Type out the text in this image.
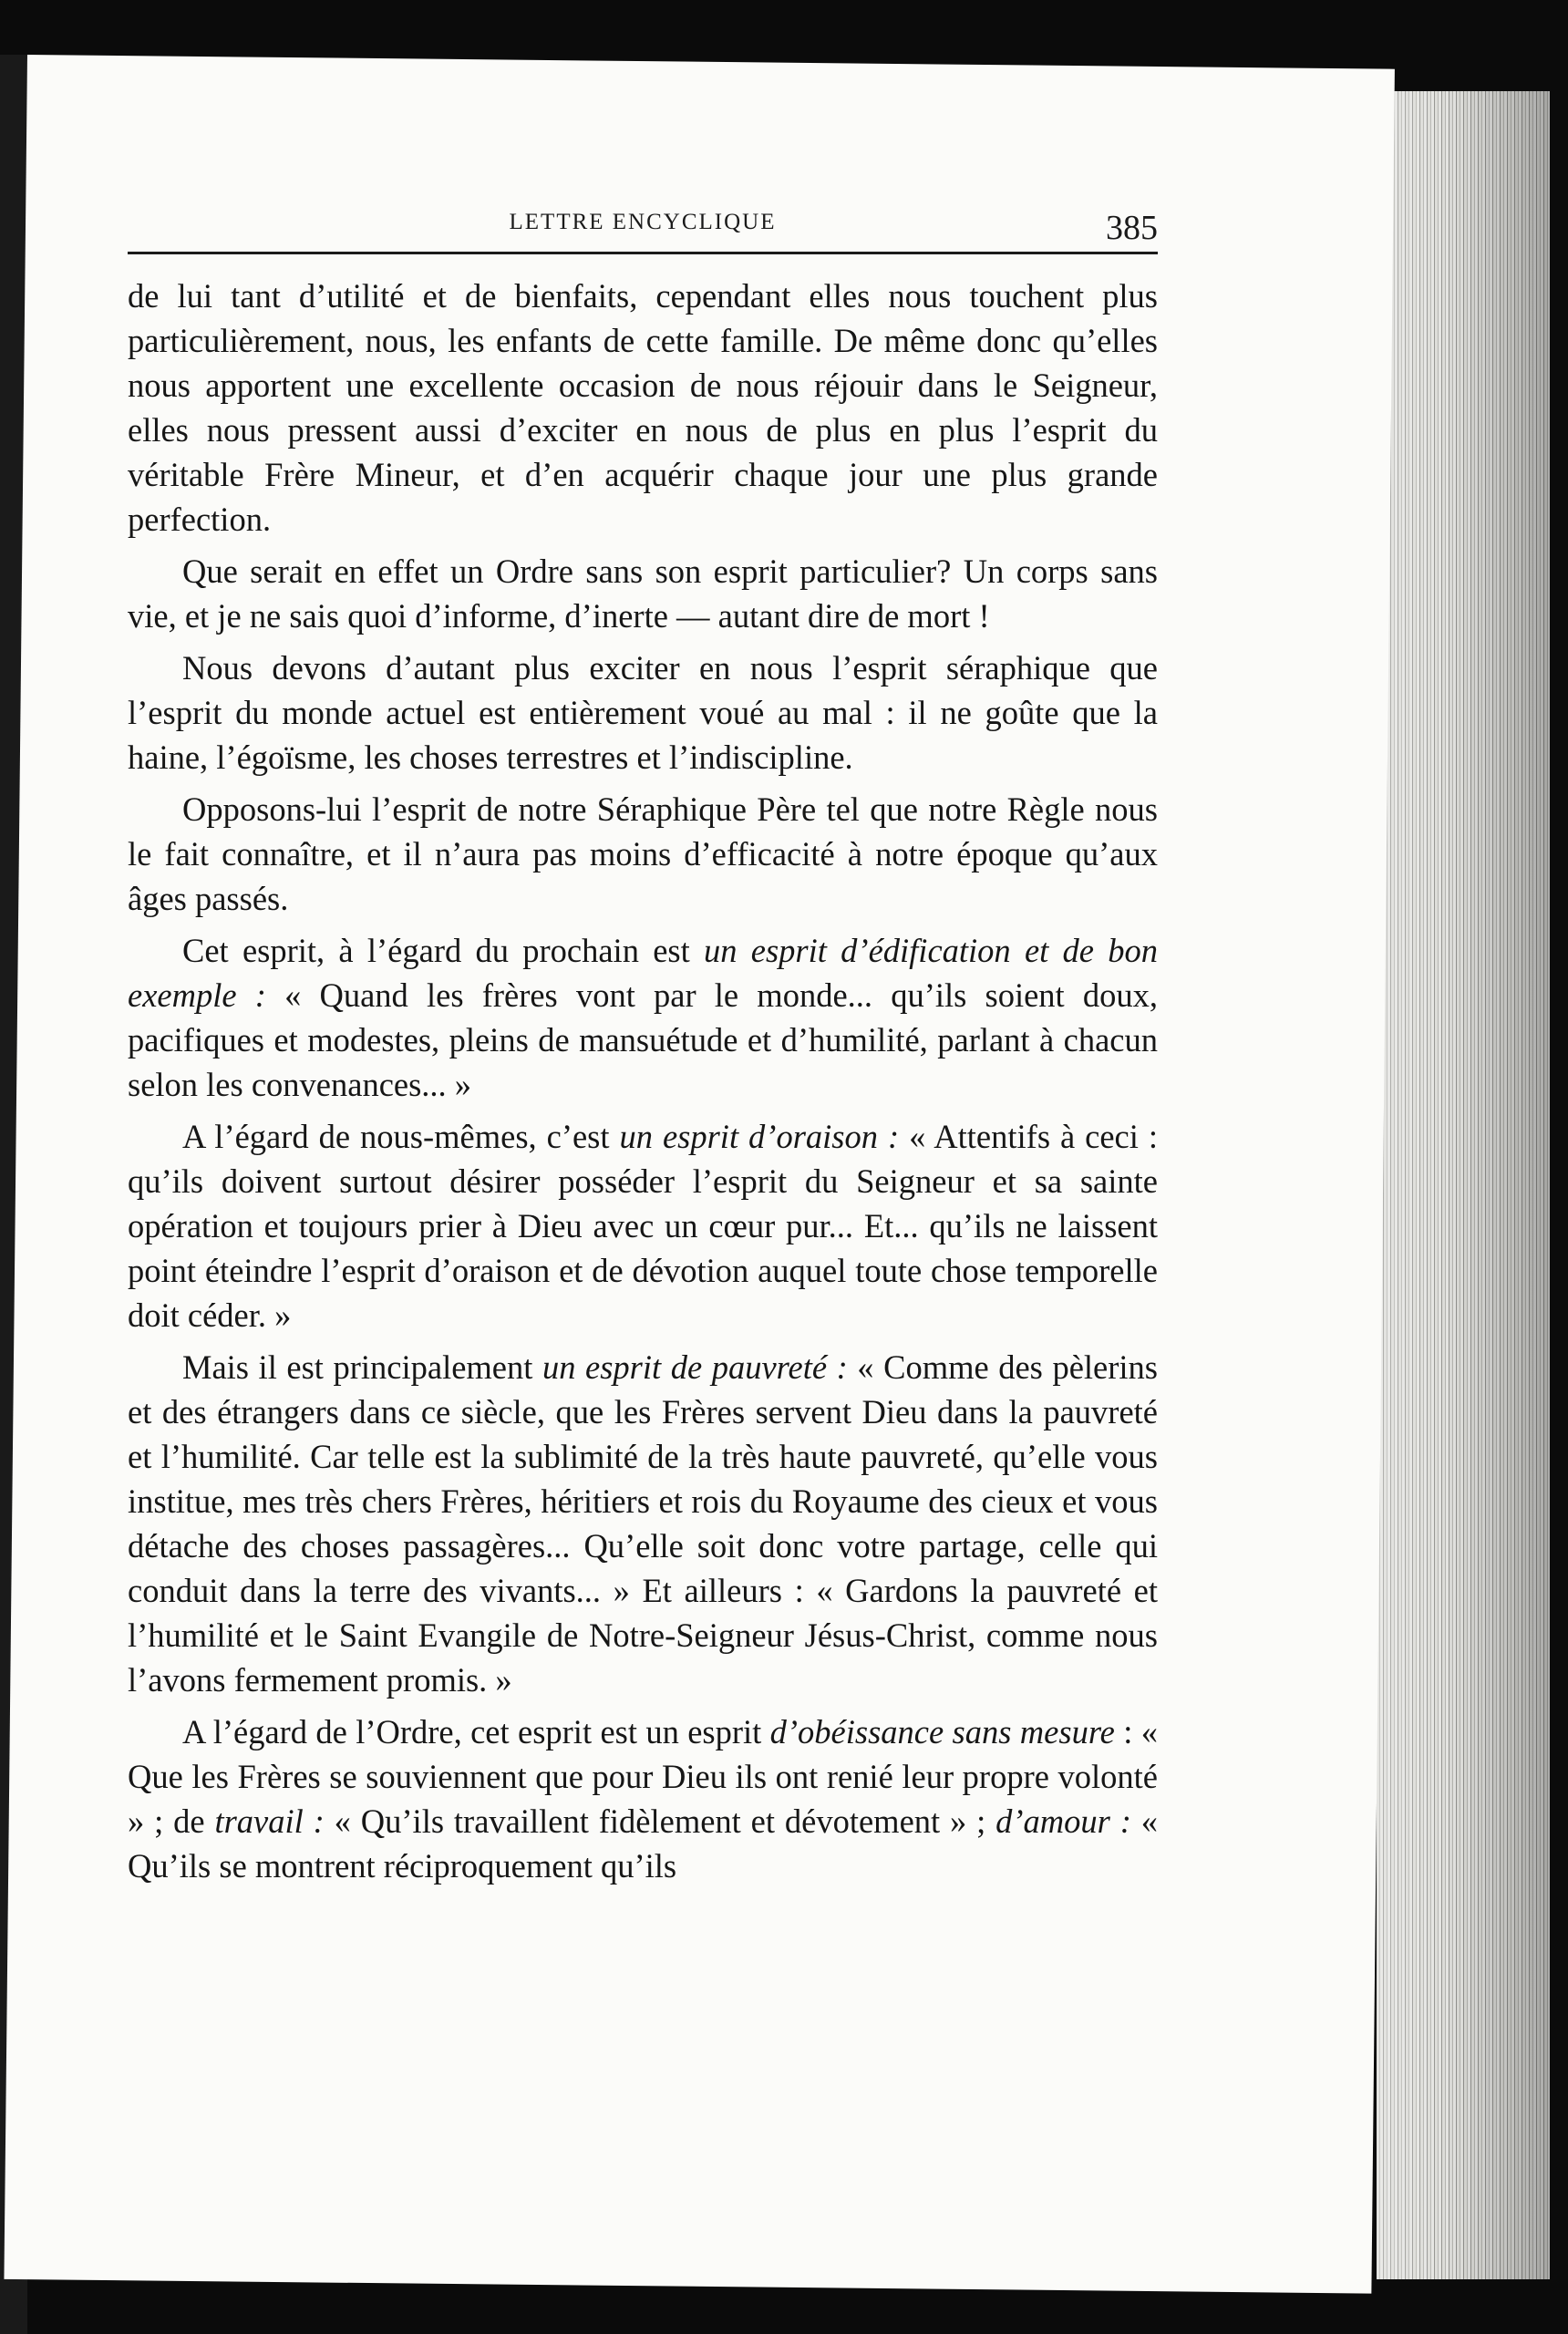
LETTRE ENCYCLIQUE	385

de lui tant d’utilité et de bienfaits, cependant elles nous touchent plus particulièrement, nous, les enfants de cette famille. De même donc qu’elles nous apportent une excellente occasion de nous réjouir dans le Seigneur, elles nous pressent aussi d’exciter en nous de plus en plus l’esprit du véritable Frère Mineur, et d’en acquérir chaque jour une plus grande perfection.

Que serait en effet un Ordre sans son esprit particulier? Un corps sans vie, et je ne sais quoi d’informe, d’inerte — autant dire de mort !

Nous devons d’autant plus exciter en nous l’esprit séraphique que l’esprit du monde actuel est entièrement voué au mal : il ne goûte que la haine, l’égoïsme, les choses terrestres et l’indiscipline.

Opposons-lui l’esprit de notre Séraphique Père tel que notre Règle nous le fait connaître, et il n’aura pas moins d’efficacité à notre époque qu’aux âges passés.

Cet esprit, à l’égard du prochain est un esprit d’édification et de bon exemple : « Quand les frères vont par le monde... qu’ils soient doux, pacifiques et modestes, pleins de mansuétude et d’humilité, parlant à chacun selon les convenances... »

A l’égard de nous-mêmes, c’est un esprit d’oraison : « Attentifs à ceci : qu’ils doivent surtout désirer posséder l’esprit du Seigneur et sa sainte opération et toujours prier à Dieu avec un cœur pur... Et... qu’ils ne laissent point éteindre l’esprit d’oraison et de dévotion auquel toute chose temporelle doit céder. »

Mais il est principalement un esprit de pauvreté : « Comme des pèlerins et des étrangers dans ce siècle, que les Frères servent Dieu dans la pauvreté et l’humilité. Car telle est la sublimité de la très haute pauvreté, qu’elle vous institue, mes très chers Frères, héritiers et rois du Royaume des cieux et vous détache des choses passagères... Qu’elle soit donc votre partage, celle qui conduit dans la terre des vivants... » Et ailleurs : « Gardons la pauvreté et l’humilité et le Saint Evangile de Notre-Seigneur Jésus-Christ, comme nous l’avons fermement promis. »

A l’égard de l’Ordre, cet esprit est un esprit d’obéissance sans mesure : « Que les Frères se souviennent que pour Dieu ils ont renié leur propre volonté » ; de travail : « Qu’ils travaillent fidèlement et dévotement » ; d’amour : « Qu’ils se montrent réciproquement qu’ils
